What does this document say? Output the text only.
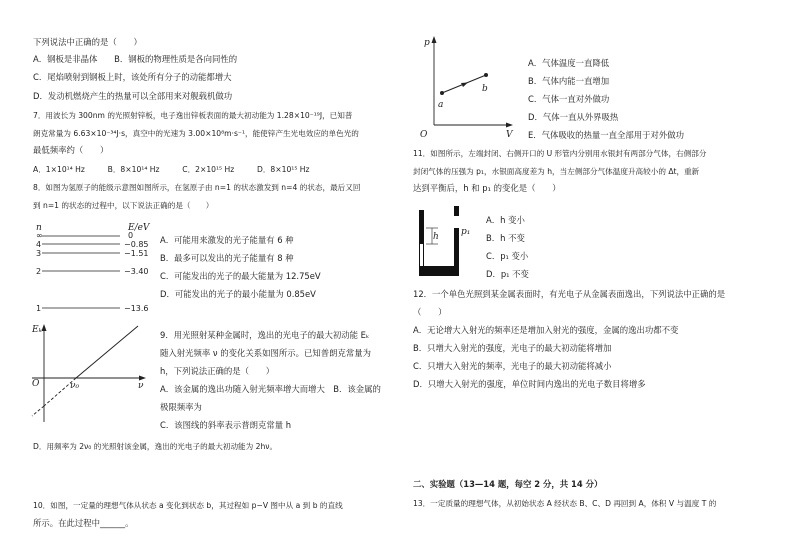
下列说法中正确的是（　　）
A．钢板是非晶体　　B．钢板的物理性质是各向同性的
C．尾焰喷射到钢板上时，该处所有分子的动能都增大
D．发动机燃烧产生的热量可以全部用来对舰载机做功
7．用波长为 300nm 的光照射锌板，电子逸出锌板表面的最大初动能为 1.28×10⁻¹⁹J，已知普
朗克常量为 6.63×10⁻³⁴J·s，真空中的光速为 3.00×10⁸m·s⁻¹，能使锌产生光电效应的单色光的
最低频率约（　　）
A．1×10¹⁴ Hz　　　B．8×10¹⁴ Hz　　　C．2×10¹⁵ Hz　　　D．8×10¹⁵ Hz
8．如图为氢原子的能级示意图如图所示，在氢原子由 n=1 的状态激发到 n=4 的状态，最后又回
到 n=1 的状态的过程中，以下说法正确的是（　　）
n	E/eV
∞
4
3
2
1
0
−0.85
−1.51
−3.40
−13.6
A．可能用来激发的光子能量有 6 种
B．最多可以发出的光子能量有 8 种
C．可能发出的光子的最大能量为 12.75eV
D．可能发出的光子的最小能量为 0.85eV
Eₖ
ν
O	ν₀
9．用光照射某种金属时，逸出的光电子的最大初动能 Eₖ
随入射光频率 ν 的变化关系如图所示。已知普朗克常量为
h，下列说法正确的是（　　）
A．该金属的逸出功随入射光频率增大而增大　B．该金属的
极限频率为
C．该图线的斜率表示普朗克常量 h
D．用频率为 2ν₀ 的光照射该金属，逸出的光电子的最大初动能为 2hν。
10．如图，一定量的理想气体从状态 a 变化到状态 b，其过程如 p−V 图中从 a 到 b 的直线
所示。在此过程中______。
p
V
O
a
b
A．气体温度一直降低
B．气体内能一直增加
C．气体一直对外做功
D．气体一直从外界吸热
E．气体吸收的热量一直全部用于对外做功
11．如图所示，左端封闭、右侧开口的 U 形管内分别用水银封有两部分气体，右侧部分
封闭气体的压强为 p₁，水银面高度差为 h，当左侧部分气体温度升高较小的 Δt，重新
达到平衡后，h 和 p₁ 的变化是（　　）
h p₁
A．h 变小
B．h 不变
C．p₁ 变小
D．p₁ 不变
12．一个单色光照到某金属表面时，有光电子从金属表面逸出，下列说法中正确的是
（　　）
A．无论增大入射光的频率还是增加入射光的强度，金属的逸出功都不变
B．只增大入射光的强度，光电子的最大初动能将增加
C．只增大入射光的频率，光电子的最大初动能将减小
D．只增大入射光的强度，单位时间内逸出的光电子数目将增多
二、实验题（13—14 题，每空 2 分，共 14 分）
13．一定质量的理想气体，从初始状态 A 经状态 B、C、D 再回到 A，体积 V 与温度 T 的
